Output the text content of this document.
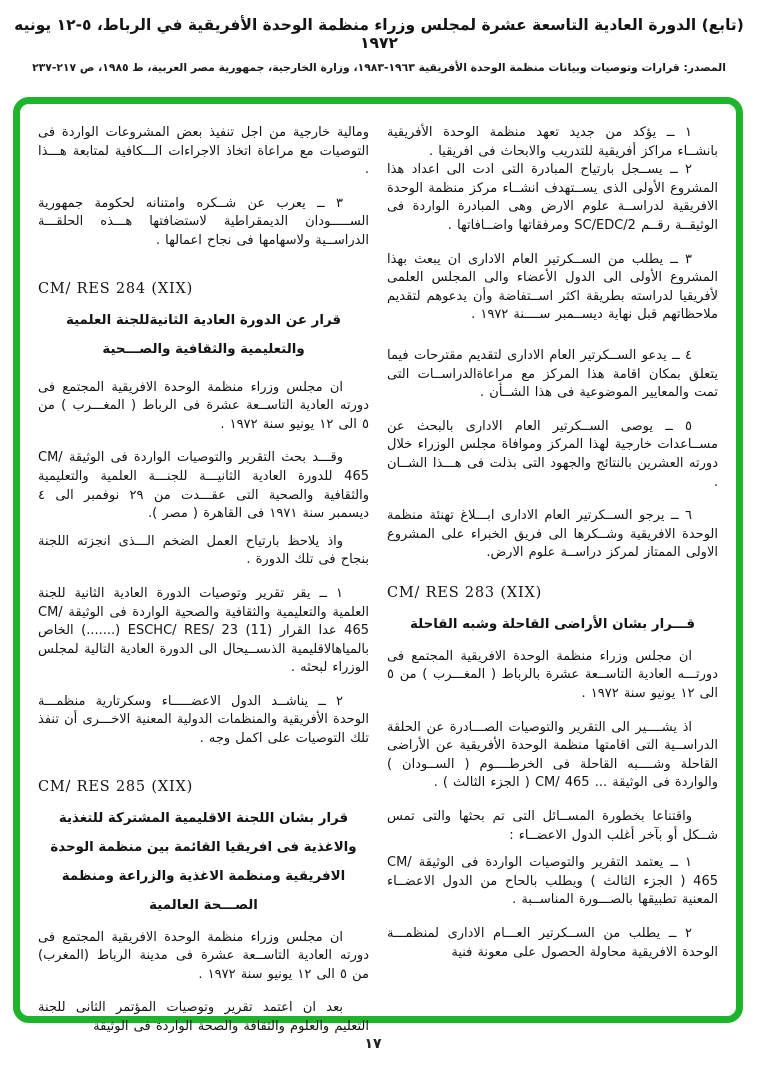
(تابع) الدورة العادية التاسعة عشرة لمجلس وزراء منظمة الوحدة الأفريقية في الرباط، ٥-١٢ يونيه ١٩٧٢
المصدر: قرارات وتوصيات وبيانات منظمة الوحدة الأفريقية ١٩٦٣-١٩٨٣، وزارة الخارجية، جمهورية مصر العربية، ط ١٩٨٥، ص ٢١٧-٢٣٧

١ ــ يؤكد من جديد تعهد منظمة الوحدة الأفريقية بانشــاء مراكز أفريقية للتدريب والابحاث فى افريقيا .

٢ ــ يســجل بارتياح المبادرة التى ادت الى اعداد هذا المشروع الأولى الذى يســتهدف انشــاء مركز منظمة الوحدة الافريقية لدراســة علوم الارض وهى المبادرة الواردة فى الوثيقــة رقــم SC/EDC/2 ومرفقاتها واضــافاتها .

٣ ــ يطلب من الســكرتير العام الادارى ان يبعث بهذا المشروع الأولى الى الدول الأعضاء والى المجلس العلمى لأفريقيا لدراسته بطريقة اكثر اســتفاضة وأن يدعوهم لتقديم ملاحظاتهم قبل نهاية ديســمبر ســــنة ١٩٧٢ .

٤ ــ يدعو الســكرتير العام الادارى لتقديم مقترحات فيما يتعلق بمكان اقامة هذا المركز مع مراعاةالدراســات التى تمت والمعايير الموضوعية فى هذا الشــأن .

٥ ــ يوصى الســكرتير العام الادارى بالبحث عن مســاعدات خارجية لهذا المركز وموافاة مجلس الوزراء خلال دورته العشرين بالنتائج والجهود التى بذلت فى هـــذا الشــان .

٦ ــ يرجو الســكرتير العام الادارى ابـــلاغ تهنئة منظمة الوحدة الافريقية وشــكرها الى فريق الخبراء على المشروع الاولى الممتاز لمركز دراســة علوم الارض.

CM/ RES 283 (XIX)

قـــرار بشان الأراضى القاحلة وشبه القاحلة

ان مجلس وزراء منظمة الوحدة الافريقية المجتمع فى دورتـــه العادية التاســعة عشرة بالرباط ( المغـــرب ) من ٥ الى ١٢ يونيو سنة ١٩٧٢ .

اذ يشــــير الى التقرير والتوصيات الصـــادرة عن الحلقة الدراســية التى اقامتها منظمة الوحدة الأفريقية عن الأراضى القاحلة وشــــبه القاحلة فى الخرطــــوم ( الســودان ) والواردة فى الوثيقة ... CM/ 465 ( الجزء الثالث ) .

واقتناعا بخطورة المســائل التى تم بحثها والتى تمس شــكل أو بآخر أغلب الدول الاعضــاء :

١ ــ يعتمد التقرير والتوصيات الواردة فى الوثيقة CM/ 465 ( الجزء الثالث ) ويطلب بالحاح من الدول الاعضــاء المعنية تطبيقها بالصـــورة المناســبة .

٢ ــ يطلب من الســكرتير العـــام الادارى لمنظمـــة الوحدة الافريقية محاولة الحصول على معونة فنية

ومالية خارجية من اجل تنفيذ بعض المشروعات الواردة فى التوصيات مع مراعاة اتخاذ الاجراءات الـــكافية لمتابعة هـــذا .

٣ ــ يعرب عن شــكره وامتنانه لحكومة جمهورية الســـــودان الديمقراطية لاستضافتها هـــذه الحلقـــة الدراســية ولاسهامها فى نجاح اعمالها .

CM/ RES 284 (XIX)

قرار عن الدورة العادية الثانيةللجنة العلمية والتعليمية والثقافية والصـــحية

ان مجلس وزراء منظمة الوحدة الافريقية المجتمع فى دورته العادية التاســعة عشرة فى الرباط ( المغـــرب ) من ٥ الى ١٢ يونيو سنة ١٩٧٢ .

وقـــد بحث التقرير والتوصيات الواردة فى الوثيقة CM/ 465 للدورة العادية الثانيـــة للجنـــة العلمية والتعليمية والثقافية والصحية التى عقـــدت من ٢٩ نوفمبر الى ٤ ديسمبر سنة ١٩٧١ فى القاهرة ( مصر ).

واذ يلاحظ بارتياح العمل الضخم الـــذى انجزته اللجنة بنجاح فى تلك الدورة .

١ ــ يقر تقرير وتوصيات الدورة العادية الثانية للجنة العلمية والتعليمية والثقافية والصحية الواردة فى الوثيقة CM/ 465 عدا القرار ESCHC/ RES/ 23 (11) (.......) الخاص بالمياهالاقليمية الذىســيحال الى الدورة العادية التالية لمجلس الوزراء لبحثه .

٢ ــ يناشــد الدول الاعضـــــاء وسكرتارية منظمـــة الوحدة الأفريقية والمنظمات الدولية المعنية الاخـــرى أن تنفذ تلك التوصيات على اكمل وجه .

CM/ RES 285 (XIX)

قرار بشان اللجنة الاقليمية المشتركة للتغذية والاغذية فى افريقيا القائمة بين منظمة الوحدة الافريقية ومنظمة الاغذية والزراعة ومنظمة الصـــحة العالمية

ان مجلس وزراء منظمة الوحدة الافريقية المجتمع فى دورته العادية التاســعة عشرة فى مدينة الرباط (المغرب) من ٥ الى ١٢ يونيو سنة ١٩٧٢ .

بعد ان اعتمد تقرير وتوصيات المؤتمر الثانى للجنة التعليم والعلوم والثقافة والصحة الواردة فى الوثيقة

١٧
